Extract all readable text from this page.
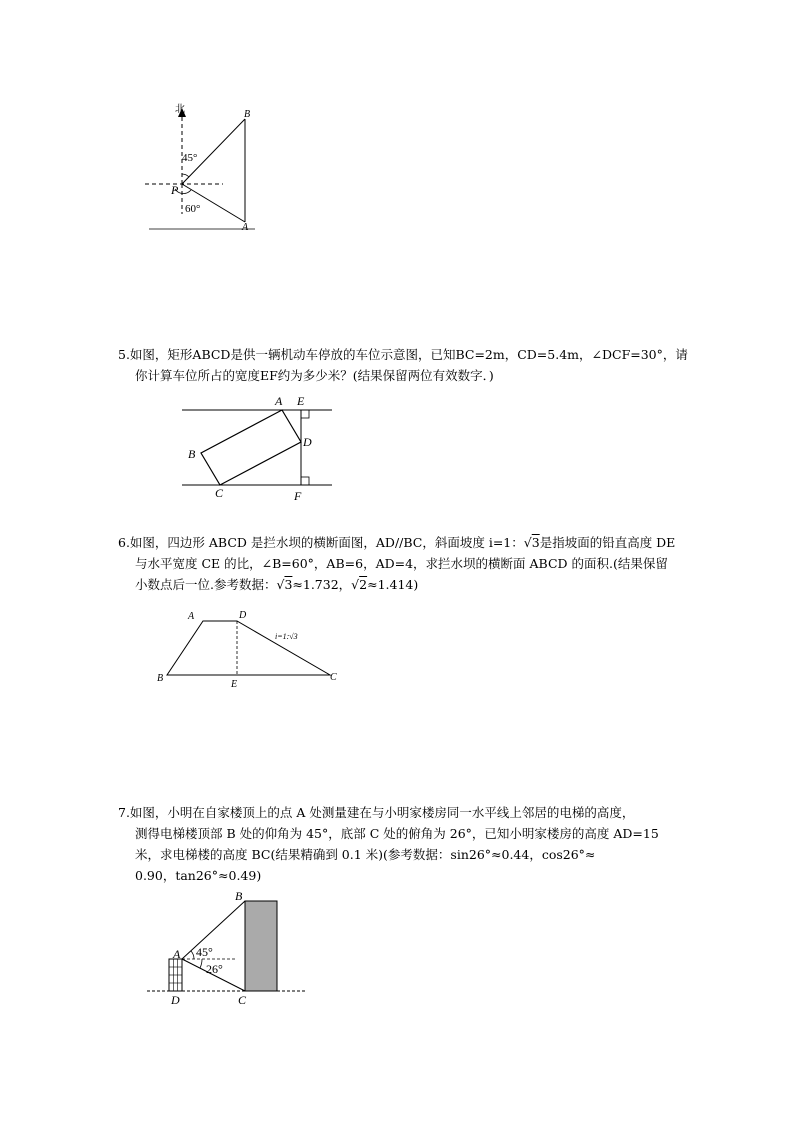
北	B
45°
P
60°
A

5.如图，矩形ABCD是供一辆机动车停放的车位示意图，已知BC=2m，CD=5.4m，∠DCF=30°，请

你计算车位所占的宽度EF约为多少米？(结果保留两位有效数字．)

A E
B
D
C	F

6.如图，四边形 ABCD 是拦水坝的横断面图，AD//BC，斜面坡度 i=1：√3是指坡面的铅直高度 DE

与水平宽度 CE 的比，∠B=60°，AB=6，AD=4，求拦水坝的横断面 ABCD 的面积.(结果保留

小数点后一位.参考数据：√3≈1.732，√2≈1.414)

A	D
i=1:√3
B
E
C

7.如图，小明在自家楼顶上的点 A 处测量建在与小明家楼房同一水平线上邻居的电梯的高度，

测得电梯楼顶部 B 处的仰角为 45°，底部 C 处的俯角为 26°，已知小明家楼房的高度 AD=15

米，求电梯楼的高度 BC(结果精确到 0.1 米)(参考数据：sin26°≈0.44，cos26°≈

0.90，tan26°≈0.49)

B
A 45°
26°
D	C
